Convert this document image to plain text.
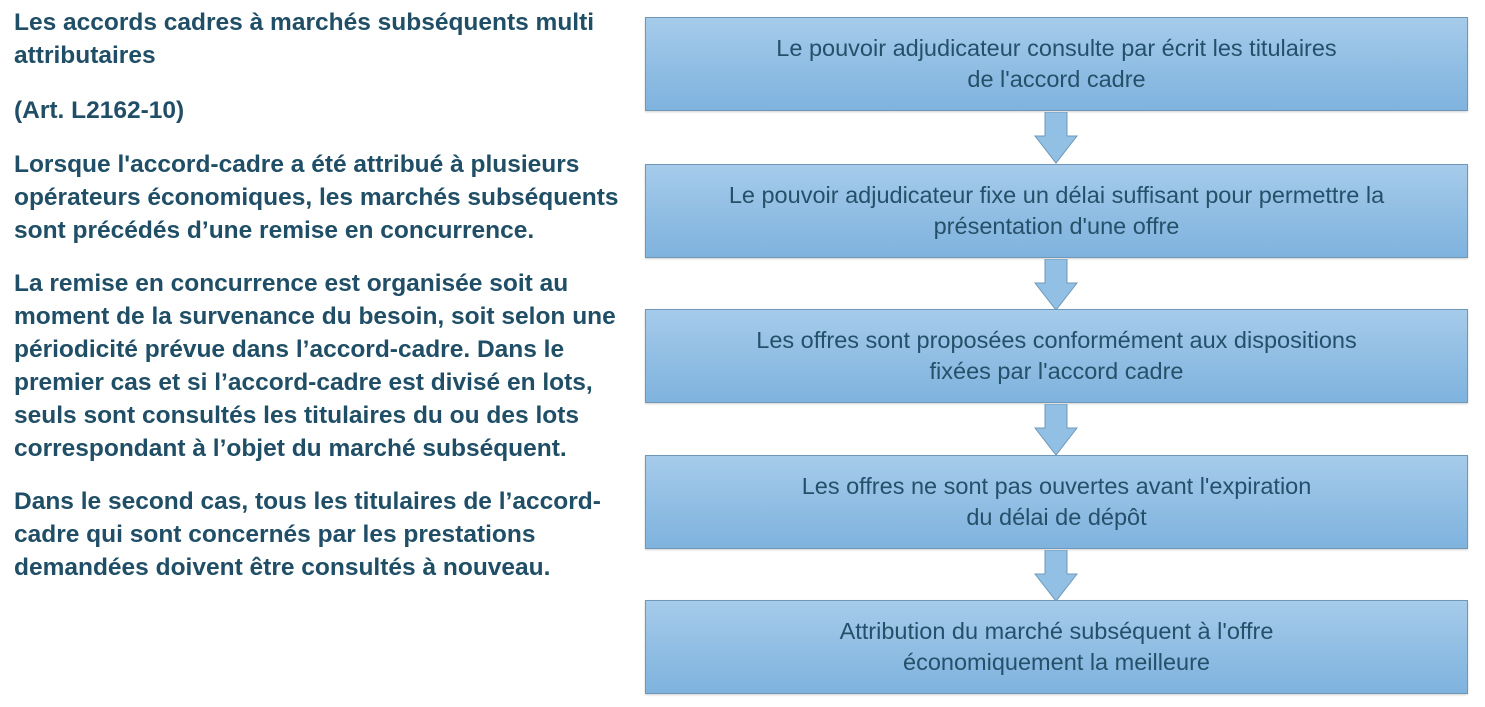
Les accords cadres à marchés subséquents multi attributaires

(Art. L2162-10)

Lorsque l'accord-cadre a été attribué à plusieurs opérateurs économiques, les marchés subséquents sont précédés d’une remise en concurrence.

La remise en concurrence est organisée soit au moment de la survenance du besoin, soit selon une périodicité prévue dans l’accord-cadre. Dans le premier cas et si l’accord-cadre est divisé en lots, seuls sont consultés les titulaires du ou des lots correspondant à l’objet du marché subséquent.

Dans le second cas, tous les titulaires de l’accord-cadre qui sont concernés par les prestations demandées doivent être consultés à nouveau.

Le pouvoir adjudicateur consulte par écrit les titulaires
de l'accord cadre
Le pouvoir adjudicateur fixe un délai suffisant pour permettre la
présentation d'une offre
Les offres sont proposées conformément aux dispositions
fixées par l'accord cadre
Les offres ne sont pas ouvertes avant l'expiration
du délai de dépôt
Attribution du marché subséquent à l'offre
économiquement la meilleure
